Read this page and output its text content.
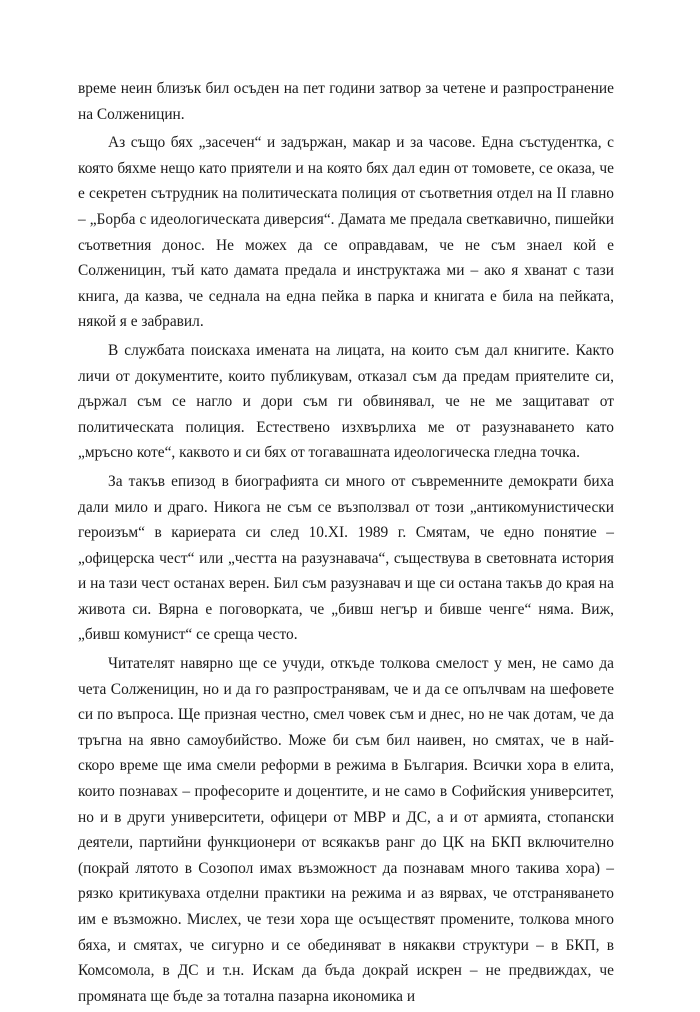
време неин близък бил осъден на пет години затвор за четене и разпространение на Солженицин.

Аз също бях „засечен“ и задържан, макар и за часове. Една състудентка, с която бяхме нещо като приятели и на която бях дал един от томовете, се оказа, че е секретен сътрудник на политическата полиция от съответния отдел на II главно – „Борба с идеологическата диверсия“. Дамата ме предала светкавично, пишейки съответния донос. Не можех да се оправдавам, че не съм знаел кой е Солженицин, тъй като дамата предала и инструктажа ми – ако я хванат с тази книга, да казва, че седнала на една пейка в парка и книгата е била на пейката, някой я е забравил.

В службата поискаха имената на лицата, на които съм дал книгите. Както личи от документите, които публикувам, отказал съм да предам приятелите си, държал съм се нагло и дори съм ги обвинявал, че не ме защитават от политическата полиция. Естествено изхвърлиха ме от разузнаването като „мръсно коте“, каквото и си бях от тогавашната идеологическа гледна точка.

За такъв епизод в биографията си много от съвременните демократи биха дали мило и драго. Никога не съм се възползвал от този „антикомунистически героизъм“ в кариерата си след 10.XI. 1989 г. Смятам, че едно понятие – „офицерска чест“ или „честта на разузнавача“, съществува в световната история и на тази чест останах верен. Бил съм разузнавач и ще си остана такъв до края на живота си. Вярна е поговорката, че „бивш негър и бивше ченге“ няма. Виж, „бивш комунист“ се среща често.

Читателят навярно ще се учуди, откъде толкова смелост у мен, не само да чета Солженицин, но и да го разпространявам, че и да се опълчвам на шефовете си по въпроса. Ще призная честно, смел човек съм и днес, но не чак дотам, че да тръгна на явно самоубийство. Може би съм бил наивен, но смятах, че в най-скоро време ще има смели реформи в режима в България. Всички хора в елита, които познавах – професорите и доцентите, и не само в Софийския университет, но и в други университети, офицери от МВР и ДС, а и от армията, стопански деятели, партийни функционери от всякакъв ранг до ЦК на БКП включително (покрай лятото в Созопол имах възможност да познавам много такива хора) – рязко критикуваха отделни практики на режима и аз вярвах, че отстраняването им е възможно. Мислех, че тези хора ще осъществят промените, толкова много бяха, и смятах, че сигурно и се обединяват в някакви структури – в БКП, в Комсомола, в ДС и т.н. Искам да бъда докрай искрен – не предвиждах, че промяната ще бъде за тотална пазарна икономика и
